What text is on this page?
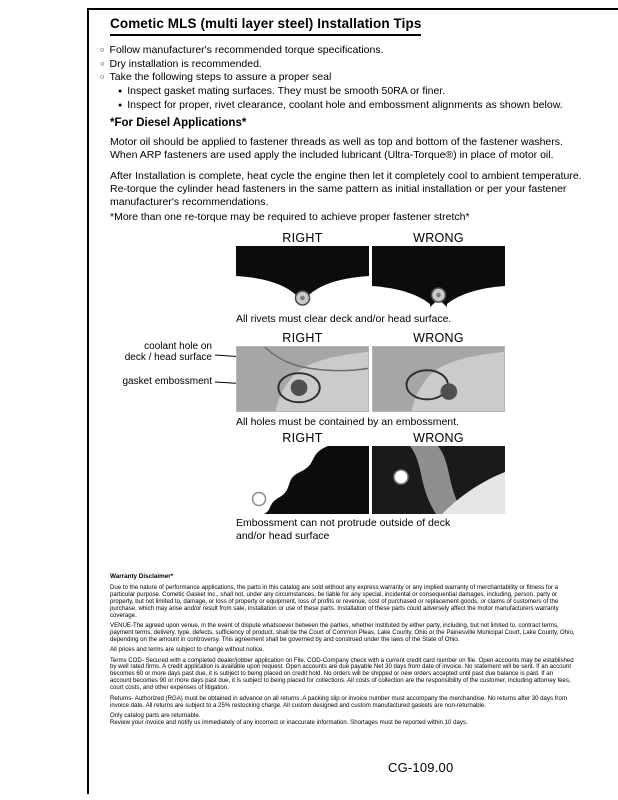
Cometic MLS (multi layer steel) Installation Tips
○ Follow manufacturer's recommended torque specifications.
○ Dry installation is recommended.
○ Take the following steps to assure a proper seal
● Inspect gasket mating surfaces. They must be smooth 50RA or finer.
● Inspect for proper, rivet clearance, coolant hole and embossment alignments as shown below.
*For Diesel Applications*
Motor oil should be applied to fastener threads as well as top and bottom of the fastener washers. When ARP fasteners are used apply the included lubricant (Ultra-Torque®) in place of motor oil.
After Installation is complete, heat cycle the engine then let it completely cool to ambient temperature. Re-torque the cylinder head fasteners in the same pattern as initial installation or per your fastener manufacturer's recommendations.
*More than one re-torque may be required to achieve proper fastener stretch*
RIGHT	WRONG
All rivets must clear deck and/or head surface.
RIGHT	WRONG
coolant hole on
deck / head surface
gasket embossment
All holes must be contained by an embossment.
RIGHT	WRONG
Embossment can not protrude outside of deck
and/or head surface
Warranty Disclaimer*

Due to the nature of performance applications, the parts in this catalog are sold without any express warranty or any implied warranty of merchantability or fitness for a particular purpose. Cometic Gasket Inc., shall not, under any circumstances, be liable for any special, incidental or consequential damages, including, person, party or property, but not limited to, damage, or loss of property or equipment, loss of profits or revenue, cost of purchased or replacement goods, or claims of customers of the purchase, which may arise and/or result from sale, installation or use of these parts. Installation of these parts could adversely affect the motor manufacturers warranty coverage.

VENUE-The agreed upon venue, in the event of dispute whatsoever between the parties, whether instituted by either party, including, but not limited to, contract terms, payment terms, delivery, type, defects, sufficiency of product, shall be the Court of Common Pleas, Lake County, Ohio or the Painesville Municipal Court, Lake County, Ohio, depending on the amount in controversy. This agreement shall be governed by and construed under the laws of the State of Ohio.

All prices and terms are subject to change without notice.

Terms COD- Secured with a completed dealer/jobber application on File, COD-Company check with a current credit card number on file. Open accounts may be established by well rated firms. A credit application is available upon request. Open accounts are due payable Net 30 days from date of invoice. No statement will be sent. If an account becomes 60 or more days past due, it is subject to being placed on credit hold. No orders will be shipped or new orders accepted until past due balance is paid. If an account becomes 90 or more days past due, it is subject to being placed for collections. All costs of collection are the responsibility of the customer, including attorney fees, court costs, and other expenses of litigation.

Returns- Authorized (RGA) must be obtained in advance on all returns. A packing slip or invoice number must accompany the merchandise. No returns after 30 days from invoice date. All returns are subject to a 25% restocking charge. All custom designed and custom manufactured gaskets are non-returnable.

Only catalog parts are returnable.

Review your invoice and notify us immediately of any incorrect or inaccurate information. Shortages must be reported within 10 days.

CG-109.00
